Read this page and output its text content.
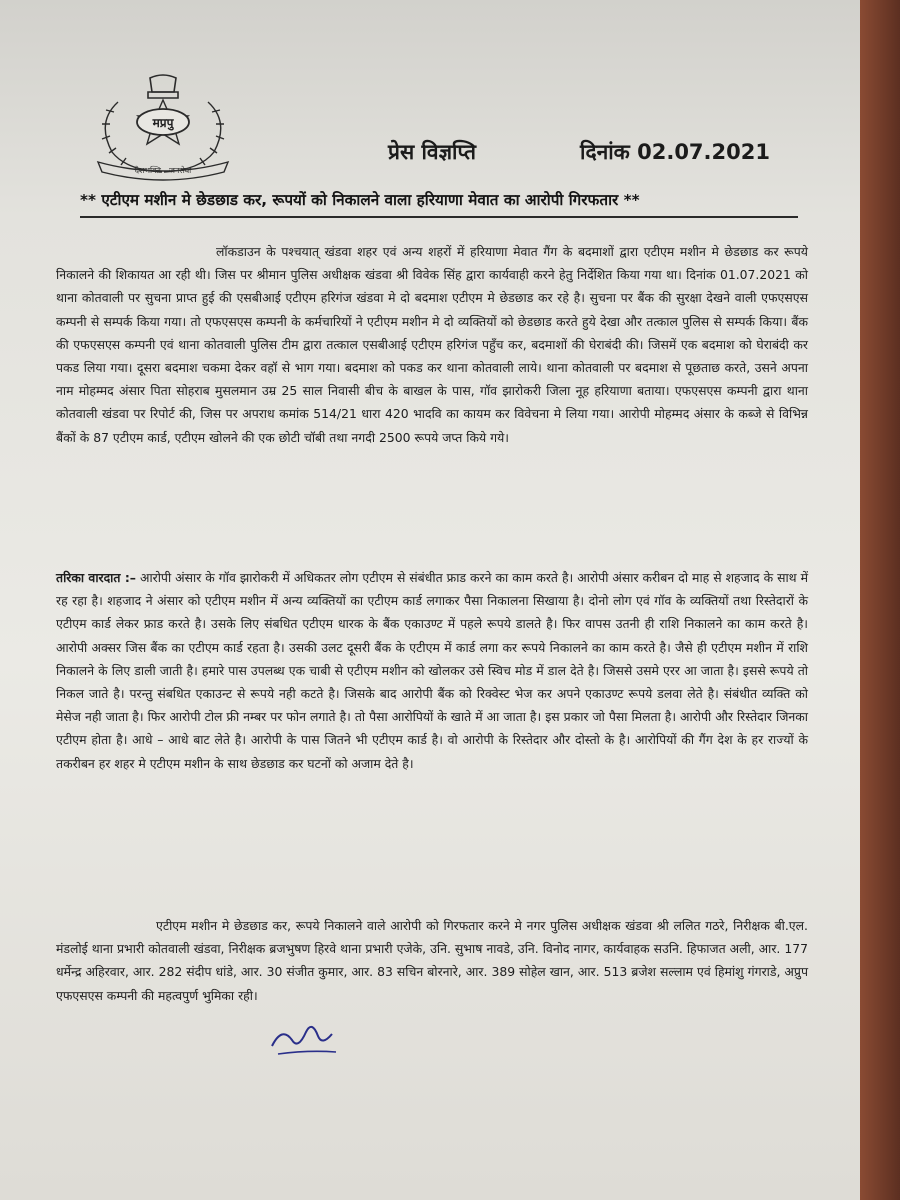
मप्रपु
देशभक्ति - जनसेवा
प्रेस विज्ञप्ति	दिनांक 02.07.2021
** एटीएम मशीन मे छेडछाड कर, रूपयों को निकालने वाला हरियाणा मेवात का आरोपी गिरफतार **

लॉकडाउन के पश्चयात् खंडवा शहर एवं अन्य शहरों में हरियाणा मेवात गैंग के बदमाशों द्वारा एटीएम मशीन मे छेडछाड कर रूपये निकालने की शिकायत आ रही थी। जिस पर श्रीमान पुलिस अधीक्षक खंडवा श्री विवेक सिंह द्वारा कार्यवाही करने हेतु निर्देशित किया गया था। दिनांक 01.07.2021 को थाना कोतवाली पर सुचना प्राप्त हुई की एसबीआई एटीएम हरिगंज खंडवा मे दो बदमाश एटीएम मे छेडछाड कर रहे है। सुचना पर बैंक की सुरक्षा देखने वाली एफएसएस कम्पनी से सम्पर्क किया गया। तो एफएसएस कम्पनी के कर्मचारियों ने एटीएम मशीन मे दो व्यक्तियों को छेडछाड करते हुये देखा और तत्काल पुलिस से सम्पर्क किया। बैंक की एफएसएस कम्पनी एवं थाना कोतवाली पुलिस टीम द्वारा तत्काल एसबीआई एटीएम हरिगंज पहुँच कर, बदमाशों की घेराबंदी की। जिसमें एक बदमाश को घेराबंदी कर पकड लिया गया। दूसरा बदमाश चकमा देकर वहॉ से भाग गया। बदमाश को पकड कर थाना कोतवाली लाये। थाना कोतवाली पर बदमाश से पूछताछ करते, उसने अपना नाम मोहम्मद अंसार पिता सोहराब मुसलमान उम्र 25 साल निवासी बीच के बाखल के पास, गॉव झारोकरी जिला नूह हरियाणा बताया। एफएसएस कम्पनी द्वारा थाना कोतवाली खंडवा पर रिपोर्ट की, जिस पर अपराध कमांक 514/21 धारा 420 भादवि का कायम कर विवेचना मे लिया गया। आरोपी मोहम्मद अंसार के कब्जे से विभिन्न बैंकों के 87 एटीएम कार्ड, एटीएम खोलने की एक छोटी चॉबी तथा नगदी 2500 रूपये जप्त किये गये।

तरिका वारदात :– आरोपी अंसार के गॉव झारोकरी में अधिकतर लोग एटीएम से संबंधीत फ्राड करने का काम करते है। आरोपी अंसार करीबन दो माह से शहजाद के साथ में रह रहा है। शहजाद ने अंसार को एटीएम मशीन में अन्य व्यक्तियों का एटीएम कार्ड लगाकर पैसा निकालना सिखाया है। दोनो लोग एवं गॉव के व्यक्तियों तथा रिस्तेदारों के एटीएम कार्ड लेकर फ्राड करते है। उसके लिए संबधित एटीएम धारक के बैंक एकाउण्ट में पहले रूपये डालते है। फिर वापस उतनी ही राशि निकालने का काम करते है। आरोपी अक्सर जिस बैंक का एटीएम कार्ड रहता है। उसकी उलट दूसरी बैंक के एटीएम में कार्ड लगा कर रूपये निकालने का काम करते है। जैसे ही एटीएम मशीन में राशि निकालने के लिए डाली जाती है। हमारे पास उपलब्ध एक चाबी से एटीएम मशीन को खोलकर उसे स्विच मोड में डाल देते है। जिससे उसमे एरर आ जाता है। इससे रूपये तो निकल जाते है। परन्तु संबधित एकाउन्ट से रूपये नही कटते है। जिसके बाद आरोपी बैंक को रिक्वेस्ट भेज कर अपने एकाउण्ट रूपये डलवा लेते है। संबंधीत व्यक्ति को मेसेज नही जाता है। फिर आरोपी टोल फ्री नम्बर पर फोन लगाते है। तो पैसा आरोपियों के खाते में आ जाता है। इस प्रकार जो पैसा मिलता है। आरोपी और रिस्तेदार जिनका एटीएम होता है। आधे – आधे बाट लेते है। आरोपी के पास जितने भी एटीएम कार्ड है। वो आरोपी के रिस्तेदार और दोस्तो के है। आरोपियों की गैंग देश के हर राज्यों के तकरीबन हर शहर मे एटीएम मशीन के साथ छेडछाड कर घटनों को अजाम देते है।

एटीएम मशीन मे छेडछाड कर, रूपये निकालने वाले आरोपी को गिरफतार करने मे नगर पुलिस अधीक्षक खंडवा श्री ललित गठरे, निरीक्षक बी.एल. मंडलोई थाना प्रभारी कोतवाली खंडवा, निरीक्षक ब्रजभुषण हिरवे थाना प्रभारी एजेके, उनि. सुभाष नावडे, उनि. विनोद नागर, कार्यवाहक सउनि. हिफाजत अली, आर. 177 धर्मेन्द्र अहिरवार, आर. 282 संदीप धांडे, आर. 30 संजीत कुमार, आर. 83 सचिन बोरनारे, आर. 389 सोहेल खान, आर. 513 ब्रजेश सल्लाम एवं हिमांशु गंगराडे, अप्रुप एफएसएस कम्पनी की महत्वपुर्ण भुमिका रही।
